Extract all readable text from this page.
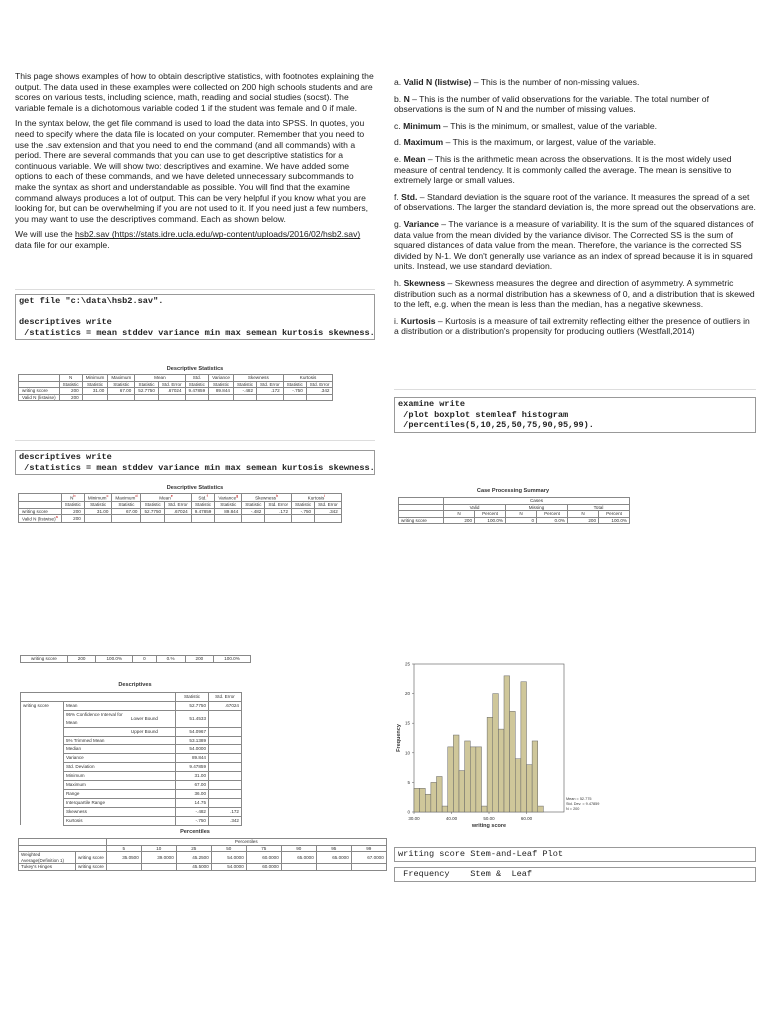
This page shows examples of how to obtain descriptive statistics, with footnotes explaining the output. The data used in these examples were collected on 200 high schools students and are scores on various tests, including science, math, reading and social studies (socst). The variable female is a dichotomous variable coded 1 if the student was female and 0 if male.

In the syntax below, the get file command is used to load the data into SPSS. In quotes, you need to specify where the data file is located on your computer. Remember that you need to use the .sav extension and that you need to end the command (and all commands) with a period. There are several commands that you can use to get descriptive statistics for a continuous variable. We will show two: descriptives and examine. We have added some options to each of these commands, and we have deleted unnecessary subcommands to make the syntax as short and understandable as possible. You will find that the examine command always produces a lot of output. This can be very helpful if you know what you are looking for, but can be overwhelming if you are not used to it. If you need just a few numbers, you may want to use the descriptives command. Each as shown below.

We will use the hsb2.sav (https://stats.idre.ucla.edu/wp-content/uploads/2016/02/hsb2.sav) data file for our example.

get file "c:\data\hsb2.sav".

descriptives write
/statistics = mean stddev variance min max semean kurtosis skewness.
Descriptive Statistics
	N	Minimum	Maximum	Mean		Std.	Variance	Skewness		Kurtosis	
	Statistic	Statistic	Statistic	Statistic	Std. Error	Statistic	Statistic	Statistic	Std. Error	Statistic	Std. Error
writing score	200	31.00	67.00	52.7750	.67024	9.47859	89.844	-.482	.172	-.750	.342
Valid N (listwise)	200										
descriptives write
/statistics = mean stddev variance min max semean kurtosis skewness.
Descriptive Statistics
	$N^b$	Minimum$^c$	Maximum$^d$	Mean$^e$		Std.$^f$	Variance$^g$	Skewness$^h$		Kurtosis$^i$
	Statistic	Statistic	Statistic	Statistic	Std. Error	Statistic	Statistic	Statistic	Std. Error	Statistic	Std. Error
writing score	200	31.00	67.00	52.7750	.67024	9.47859	89.844	-.482	.172	-.750	.342
Valid N (listwise)$^a$	200										
writing score	200	100.0%	0	0.%	200	100.0%
Descriptives
			Statistic	Std. Error
writing score	Mean		52.7750	.67024
	95% Confidence Interval for Mean	Lower Bound	51.4533	
		Upper Bound	54.0967	
	5% Trimmed Mean		53.1389	
	Median		54.0000	
	Variance		89.844	
	Std. Deviation		9.47859	
	Minimum		31.00	
	Maximum		67.00	
	Range		36.00	
	Interquartile Range		14.75	
	Skewness		-.482	.172
	Kurtosis		-.750	.342
Percentiles
		Percentiles							
		5	10	25	50	75	90	95	99
Weighted Average(Definition 1)	writing score	35.0500	39.0000	45.2500	54.0000	60.0000	65.0000	65.0000	67.0000
Tukey's Hinges	writing score			45.5000	54.0000	60.0000			

a. Valid N (listwise) – This is the number of non-missing values.

b. N – This is the number of valid observations for the variable. The total number of observations is the sum of N and the number of missing values.

c. Minimum – This is the minimum, or smallest, value of the variable.

d. Maximum – This is the maximum, or largest, value of the variable.

e. Mean – This is the arithmetic mean across the observations. It is the most widely used measure of central tendency. It is commonly called the average. The mean is sensitive to extremely large or small values.

f. Std. – Standard deviation is the square root of the variance. It measures the spread of a set of observations. The larger the standard deviation is, the more spread out the observations are.

g. Variance – The variance is a measure of variability. It is the sum of the squared distances of data value from the mean divided by the variance divisor. The Corrected SS is the sum of squared distances of data value from the mean. Therefore, the variance is the corrected SS divided by N-1. We don't generally use variance as an index of spread because it is in squared units. Instead, we use standard deviation.

h. Skewness – Skewness measures the degree and direction of asymmetry. A symmetric distribution such as a normal distribution has a skewness of 0, and a distribution that is skewed to the left, e.g. when the mean is less than the median, has a negative skewness.

i. Kurtosis – Kurtosis is a measure of tail extremity reflecting either the presence of outliers in a distribution or a distribution's propensity for producing outliers (Westfall,2014)

examine write
/plot boxplot stemleaf histogram
/percentiles(5,10,25,50,75,90,95,99).
Case Processing Summary
	Cases					
	Valid		Missing		Total	
	N	Percent	N	Percent	N	Percent
writing score	200	100.0%	0	0.0%	200	100.0%
0
5
10
15
20
25
30.00	40.00	50.00	60.00
writing score
Frequency
Mean = 52.775
Std. Dev. = 9.47859
N = 200
writing score Stem-and-Leaf Plot
Frequency    Stem &  Leaf
